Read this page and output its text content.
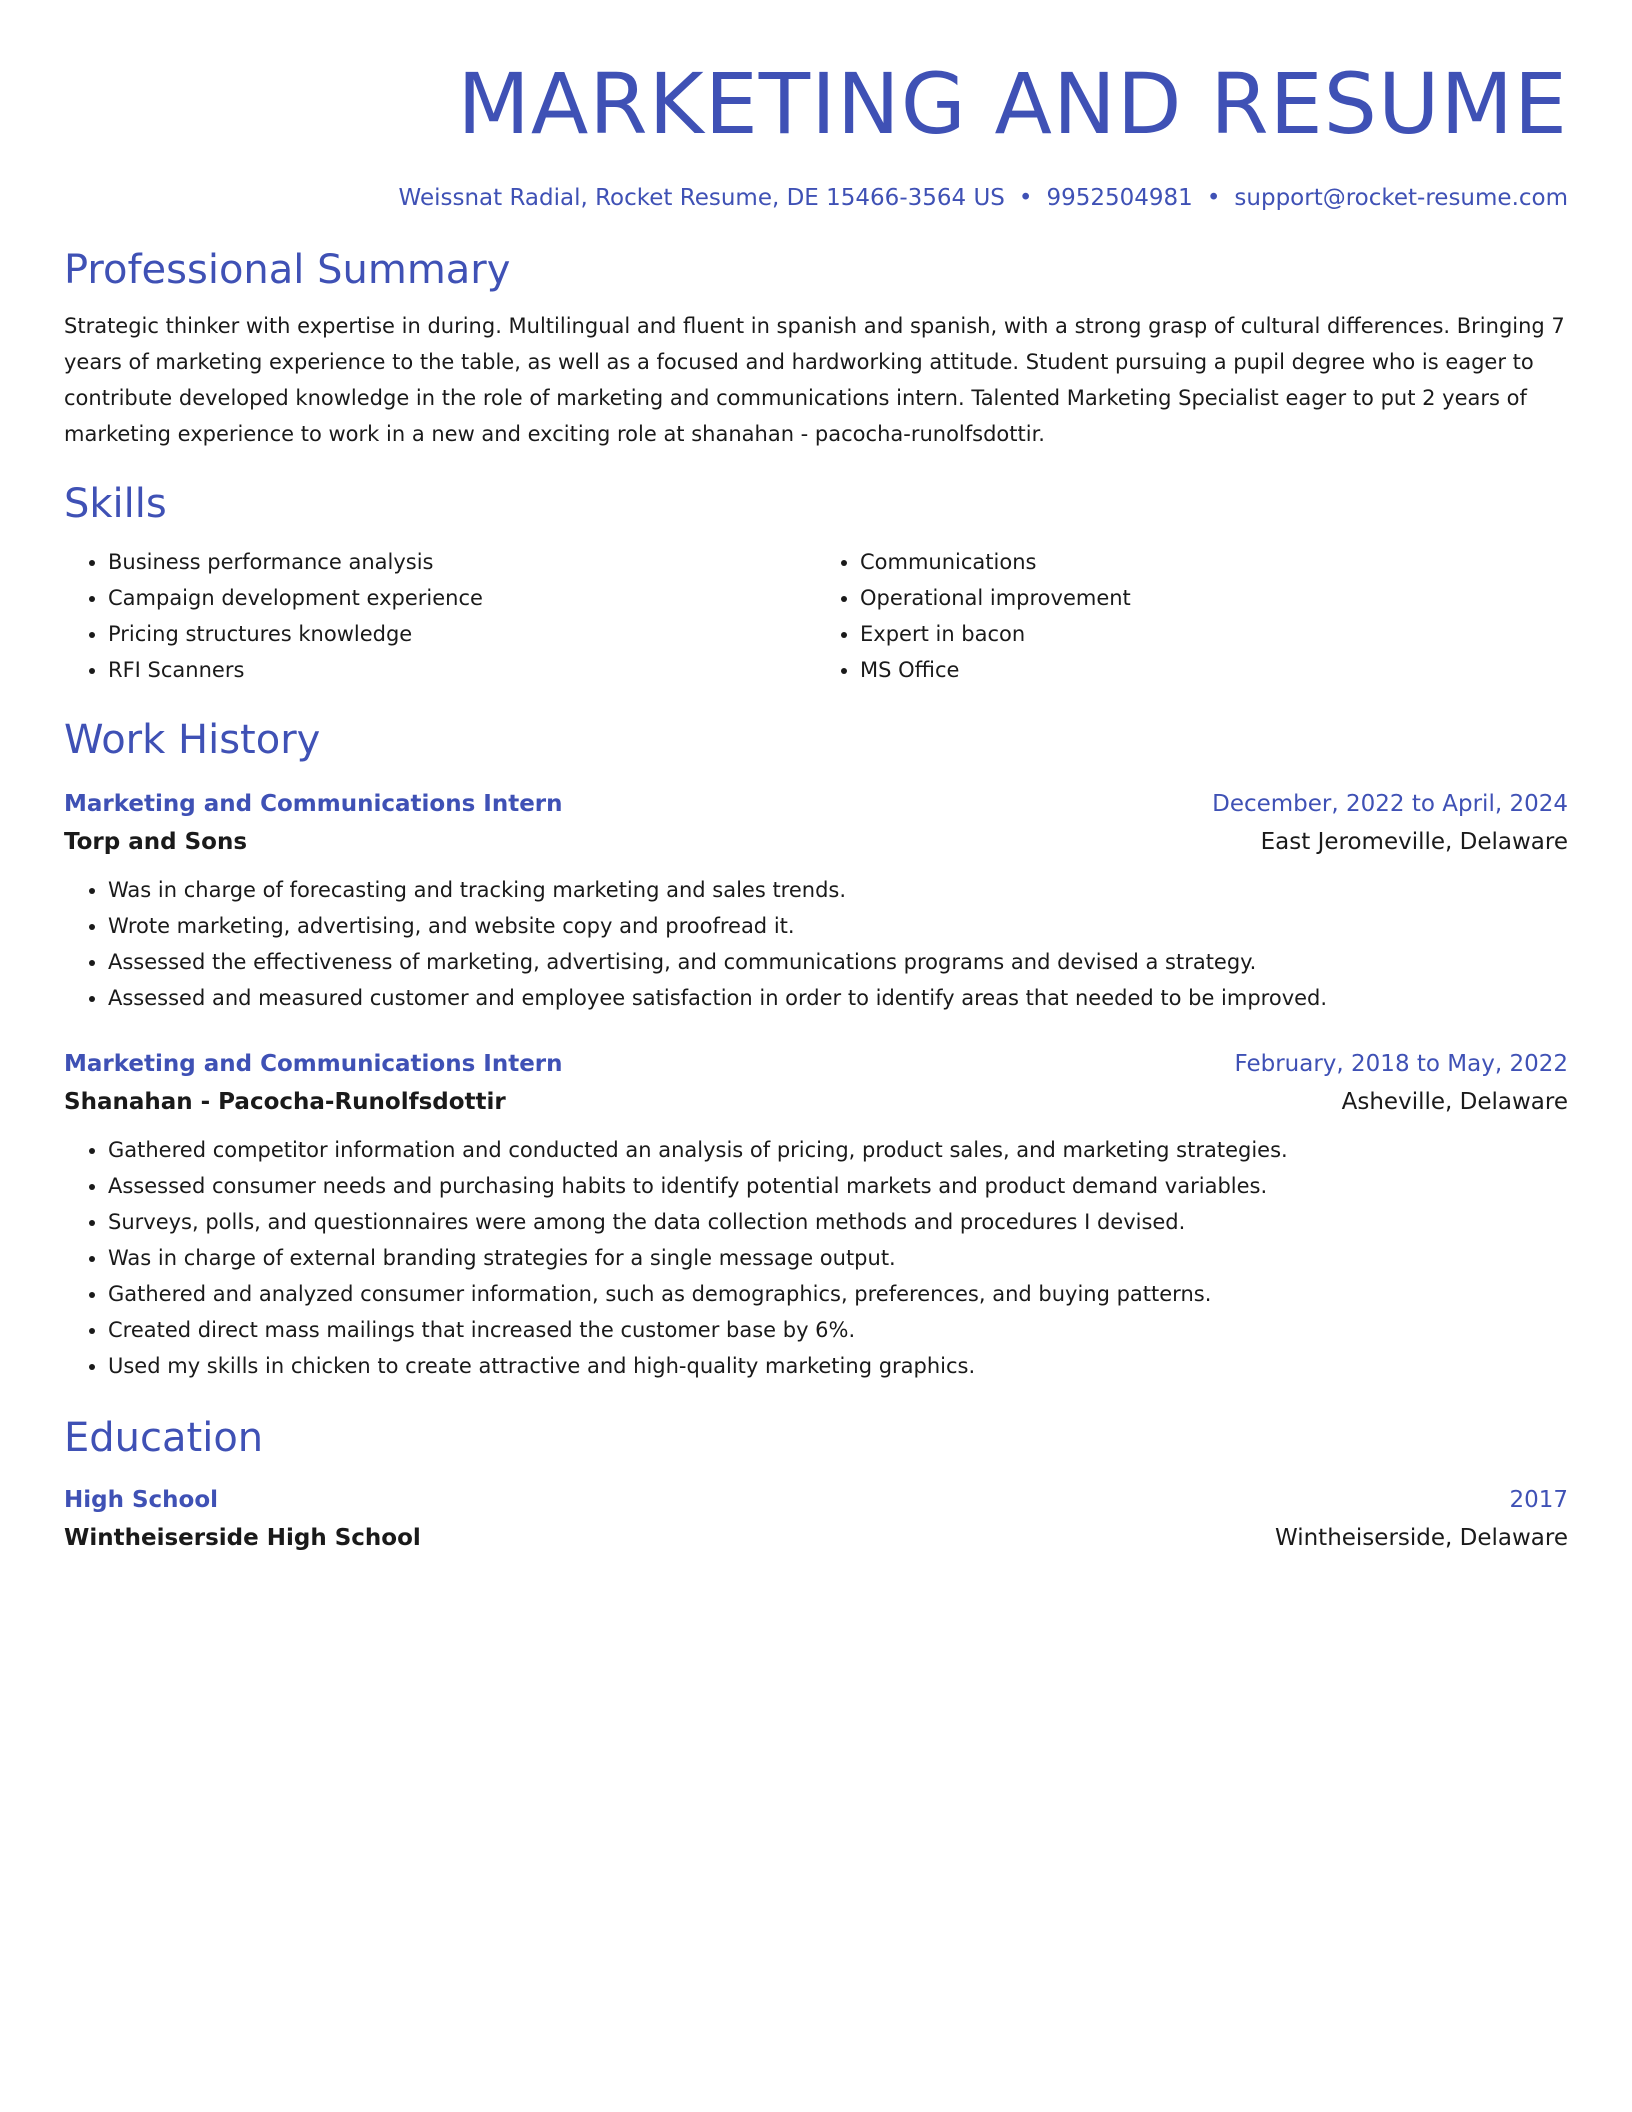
MARKETING AND RESUME
Weissnat Radial, Rocket Resume, DE 15466-3564 US • 9952504981 • support@rocket-resume.com
Professional Summary
Strategic thinker with expertise in during. Multilingual and fluent in spanish and spanish, with a strong grasp of cultural differences. Bringing 7 years of marketing experience to the table, as well as a focused and hardworking attitude. Student pursuing a pupil degree who is eager to contribute developed knowledge in the role of marketing and communications intern. Talented Marketing Specialist eager to put 2 years of marketing experience to work in a new and exciting role at shanahan - pacocha-runolfsdottir.
Skills
• Business performance analysis
• Campaign development experience
• Pricing structures knowledge
• RFI Scanners
• Communications
• Operational improvement
• Expert in bacon
• MS Office
Work History
Marketing and Communications Intern	December, 2022 to April, 2024
Torp and Sons	East Jeromeville, Delaware
• Was in charge of forecasting and tracking marketing and sales trends.
• Wrote marketing, advertising, and website copy and proofread it.
• Assessed the effectiveness of marketing, advertising, and communications programs and devised a strategy.
• Assessed and measured customer and employee satisfaction in order to identify areas that needed to be improved.
Marketing and Communications Intern	February, 2018 to May, 2022
Shanahan - Pacocha-Runolfsdottir	Asheville, Delaware
• Gathered competitor information and conducted an analysis of pricing, product sales, and marketing strategies.
• Assessed consumer needs and purchasing habits to identify potential markets and product demand variables.
• Surveys, polls, and questionnaires were among the data collection methods and procedures I devised.
• Was in charge of external branding strategies for a single message output.
• Gathered and analyzed consumer information, such as demographics, preferences, and buying patterns.
• Created direct mass mailings that increased the customer base by 6%.
• Used my skills in chicken to create attractive and high-quality marketing graphics.
Education
High School	2017
Wintheiserside High School	Wintheiserside, Delaware
